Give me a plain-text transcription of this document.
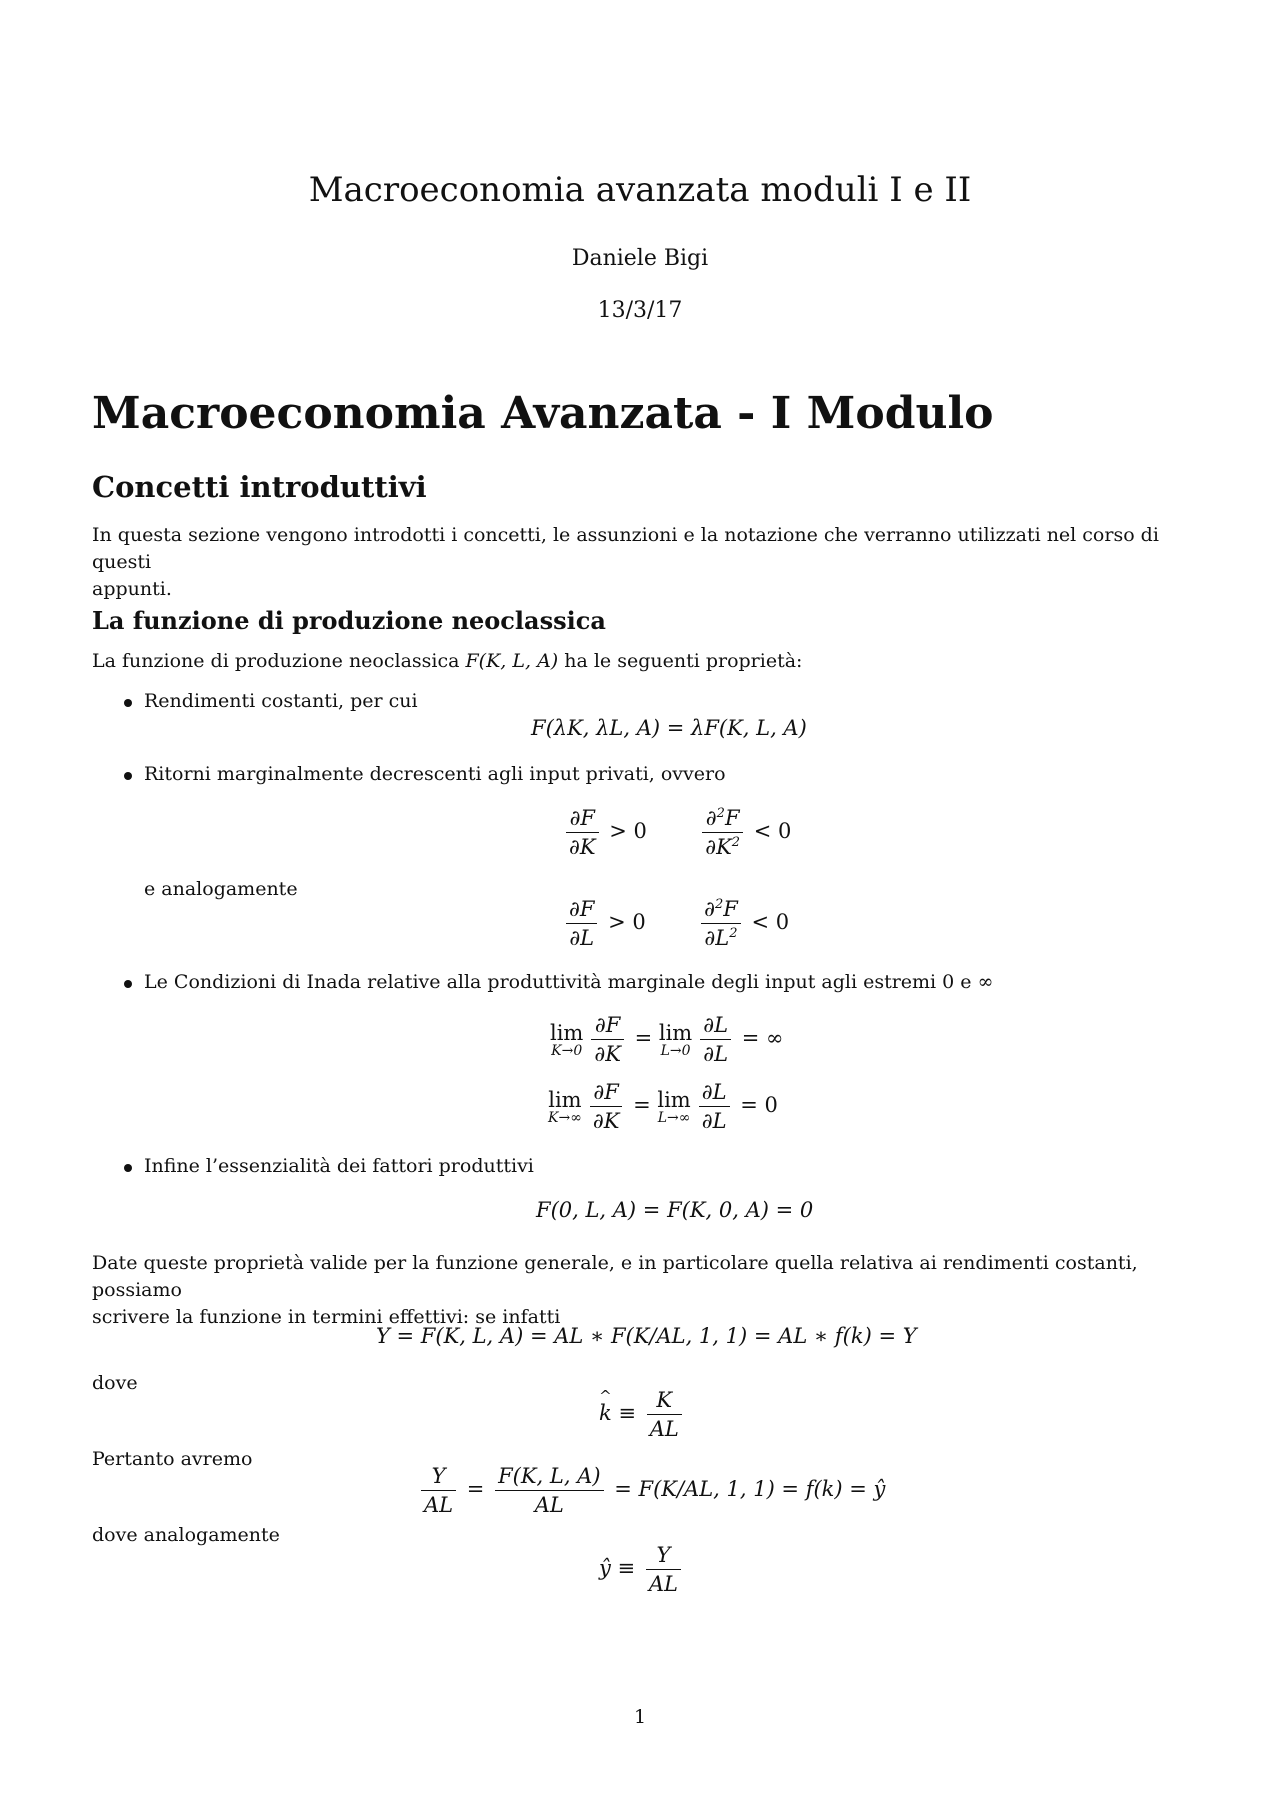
Macroeconomia avanzata moduli I e II
Daniele Bigi
13/3/17
Macroeconomia Avanzata - I Modulo
Concetti introduttivi
In questa sezione vengono introdotti i concetti, le assunzioni e la notazione che verranno utilizzati nel corso di questi
appunti.
La funzione di produzione neoclassica
La funzione di produzione neoclassica F(K, L, A) ha le seguenti proprietà:
Rendimenti costanti, per cui
F(λK, λL, A) = λF(K, L, A)
Ritorni marginalmente decrescenti agli input privati, ovvero
$\frac{\partial F}{\partial K} > 0 \frac{\partial^2F}{\partial K^2} < 0$
e analogamente
$\frac{\partial F}{\partial L} > 0 \frac{\partial^2F}{\partial L^2} < 0$
Le Condizioni di Inada relative alla produttività marginale degli input agli estremi 0 e ∞
lim
$K\to 0 \frac{\partial F}{\partial K} = \lim$
$L\to 0 \frac{\partial L}{\partial L}$ = ∞
lim
$K\to\infty \frac{\partial F}{\partial K} = \lim$
$L\to\infty \frac{\partial L}{\partial L} = 0$
Infine l’essenzialità dei fattori produttivi
F(0, L, A) = F(K, 0, A) = 0
Date queste proprietà valide per la funzione generale, e in particolare quella relativa ai rendimenti costanti, possiamo
scrivere la funzione in termini effettivi: se infatti
Y = F(K, L, A) = AL ∗ F(K/AL, 1, 1) = AL ∗ f(k) = Y
dove
^ $k \equiv \frac{K}{AL}$
Pertanto avremo
$\frac{Y}{AL} = \frac{F(K, L, A)}{AL} = F(K/AL$, 1, 1) = f(k) = ŷ
dove analogamente
ŷ ≡ $\frac{Y}{AL}$
1
